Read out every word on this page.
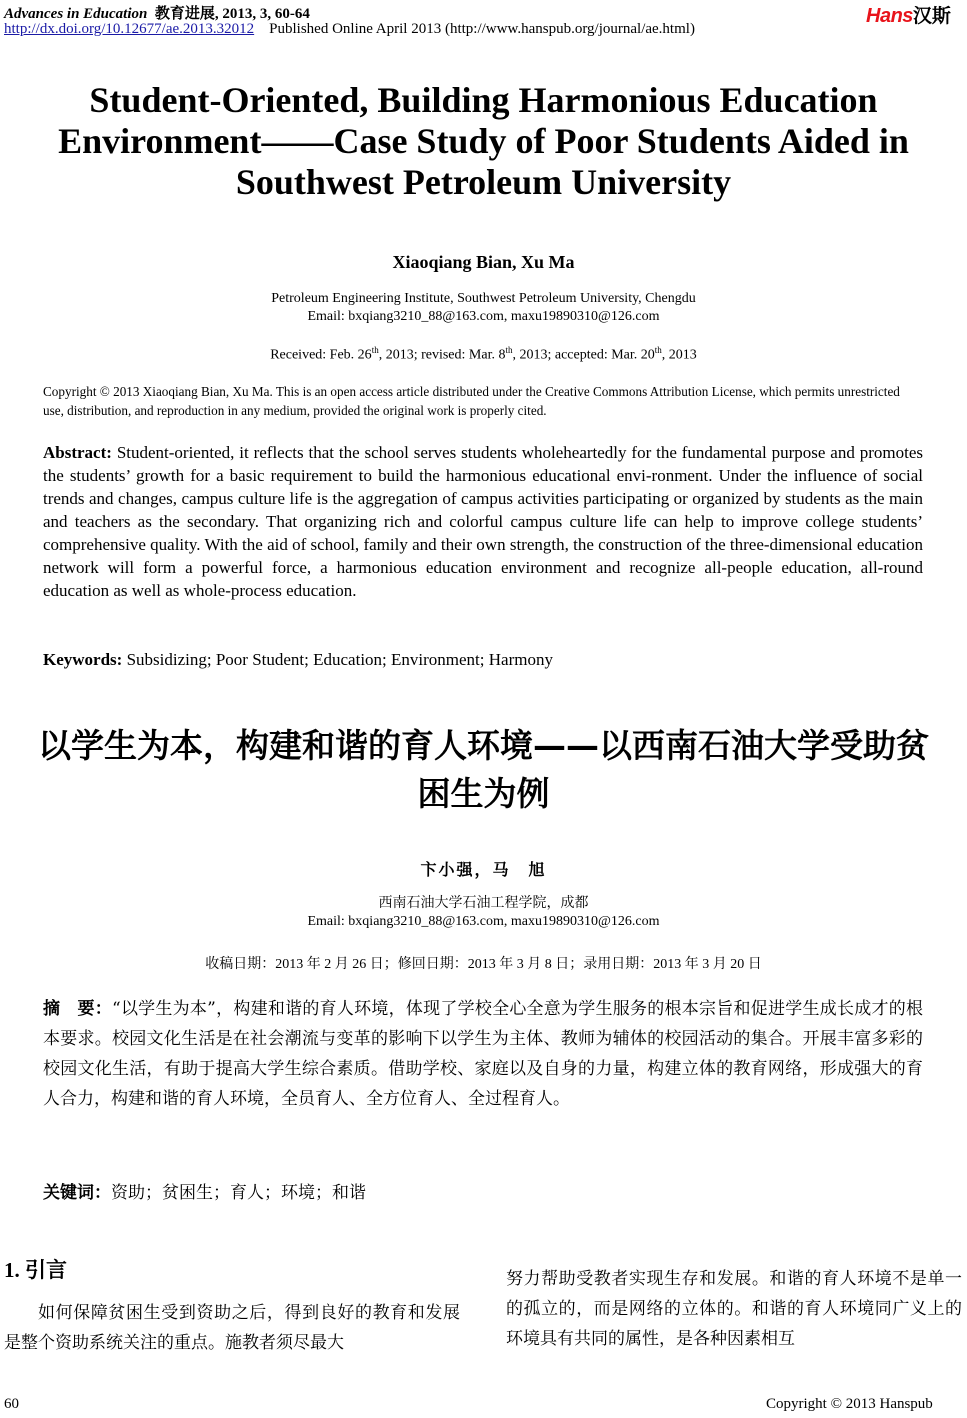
Advances in Education 教育进展, 2013, 3, 60-64
http://dx.doi.org/10.12677/ae.2013.32012 Published Online April 2013 (http://www.hanspub.org/journal/ae.html)
Hans汉斯
Student-Oriented, Building Harmonious Education Environment——Case Study of Poor Students Aided in Southwest Petroleum University
Xiaoqiang Bian, Xu Ma
Petroleum Engineering Institute, Southwest Petroleum University, Chengdu
Email: bxqiang3210_88@163.com, maxu19890310@126.com
Received: Feb. 26th, 2013; revised: Mar. 8th, 2013; accepted: Mar. 20th, 2013
Copyright © 2013 Xiaoqiang Bian, Xu Ma. This is an open access article distributed under the Creative Commons Attribution License, which permits unrestricted use, distribution, and reproduction in any medium, provided the original work is properly cited.
Abstract: Student-oriented, it reflects that the school serves students wholeheartedly for the fundamental purpose and promotes the students’ growth for a basic requirement to build the harmonious educational envi-ronment. Under the influence of social trends and changes, campus culture life is the aggregation of campus activities participating or organized by students as the main and teachers as the secondary. That organizing rich and colorful campus culture life can help to improve college students’ comprehensive quality. With the aid of school, family and their own strength, the construction of the three-dimensional education network will form a powerful force, a harmonious education environment and recognize all-people education, all-round education as well as whole-process education.
Keywords: Subsidizing; Poor Student; Education; Environment; Harmony
以学生为本，构建和谐的育人环境——以西南石油大学受助贫困生为例
卞小强，马　旭
西南石油大学石油工程学院，成都
Email: bxqiang3210_88@163.com, maxu19890310@126.com
收稿日期：2013 年 2 月 26 日；修回日期：2013 年 3 月 8 日；录用日期：2013 年 3 月 20 日
摘　要：“以学生为本”，构建和谐的育人环境，体现了学校全心全意为学生服务的根本宗旨和促进学生成长成才的根本要求。校园文化生活是在社会潮流与变革的影响下以学生为主体、教师为辅体的校园活动的集合。开展丰富多彩的校园文化生活，有助于提高大学生综合素质。借助学校、家庭以及自身的力量，构建立体的教育网络，形成强大的育人合力，构建和谐的育人环境，全员育人、全方位育人、全过程育人。
关键词：资助；贫困生；育人；环境；和谐
1. 引言
如何保障贫困生受到资助之后，得到良好的教育和发展是整个资助系统关注的重点。施教者须尽最大
努力帮助受教者实现生存和发展。和谐的育人环境不是单一的孤立的，而是网络的立体的。和谐的育人环境同广义上的环境具有共同的属性，是各种因素相互
60	Copyright © 2013 Hanspub
